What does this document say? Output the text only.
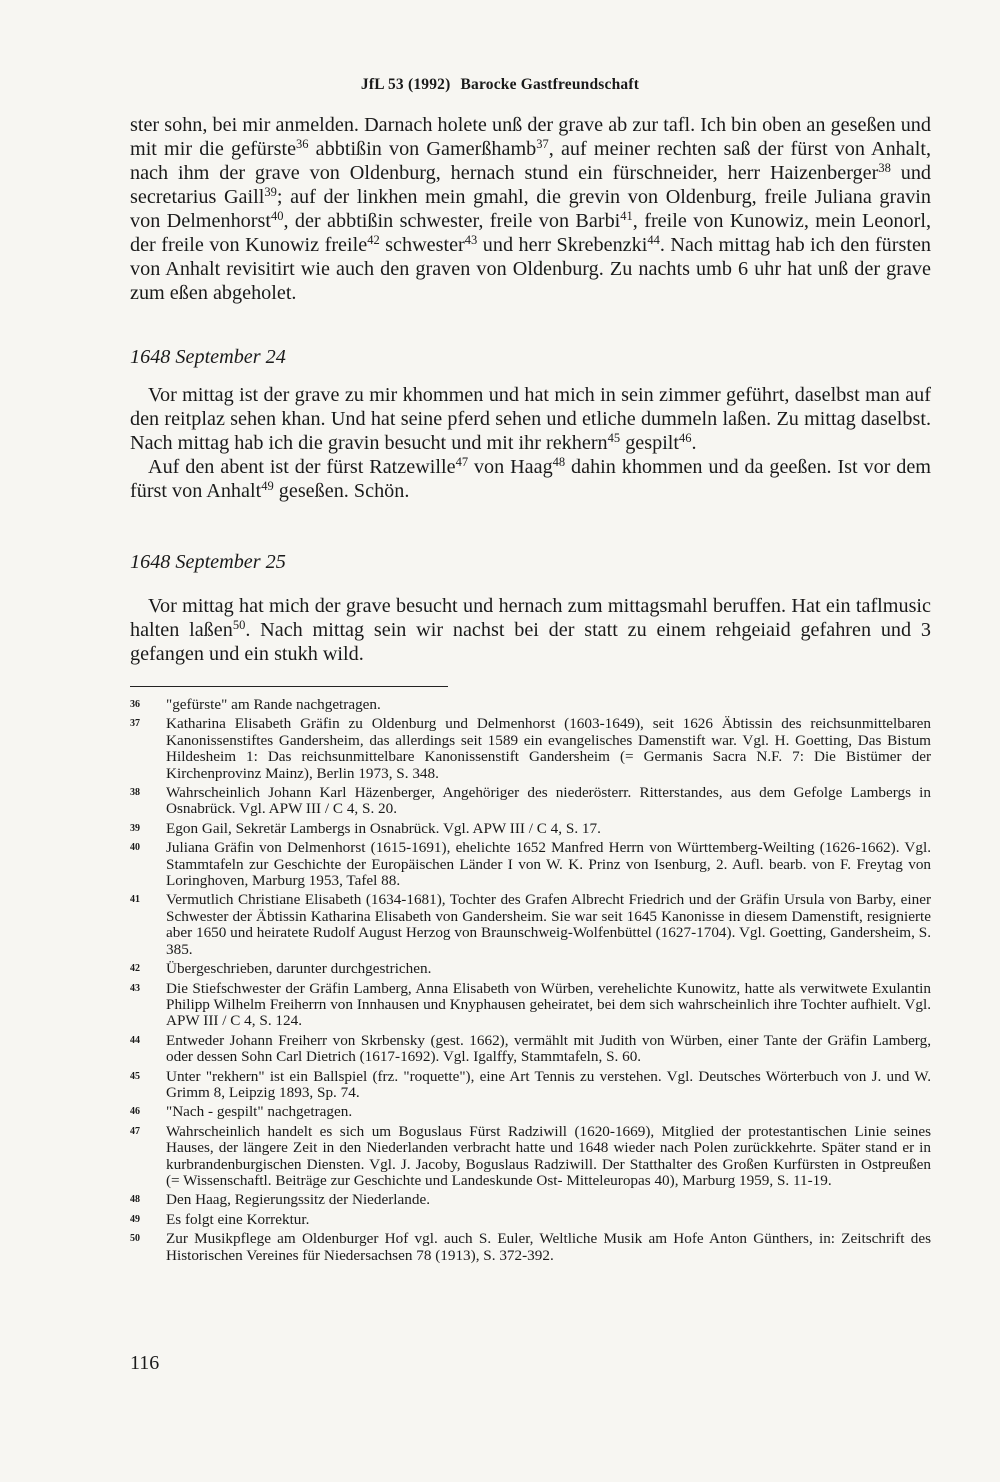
JfL 53 (1992) Barocke Gastfreundschaft

ster sohn, bei mir anmelden. Darnach holete unß der grave ab zur tafl. Ich bin oben an geseßen und mit mir die gefürste$^{36}$ abbtißin von Gamerßhamb$^{37}$, auf meiner rechten saß der fürst von Anhalt, nach ihm der grave von Oldenburg, hernach stund ein fürschneider, herr Haizenberger$^{38}$ und secretarius Gaill$^{39}$; auf der linkhen mein gmahl, die grevin von Oldenburg, freile Juliana gravin von Delmenhorst$^{40}$, der abbtißin schwester, freile von Barbi$^{41}$, freile von Kunowiz, mein Leonorl, der freile von Kunowiz freile$^{42}$ schwester$^{43}$ und herr Skrebenzki$^{44}$. Nach mittag hab ich den fürsten von Anhalt revisitirt wie auch den graven von Oldenburg. Zu nachts umb 6 uhr hat unß der grave zum eßen abgeholet.

1648 September 24

Vor mittag ist der grave zu mir khommen und hat mich in sein zimmer geführt, daselbst man auf den reitplaz sehen khan. Und hat seine pferd sehen und etliche dummeln laßen. Zu mittag daselbst. Nach mittag hab ich die gravin besucht und mit ihr rekhern$^{45}$ gespilt$^{46}$.

Auf den abent ist der fürst Ratzewille$^{47}$ von Haag$^{48}$ dahin khommen und da geeßen. Ist vor dem fürst von Anhalt$^{49}$ geseßen. Schön.

1648 September 25

Vor mittag hat mich der grave besucht und hernach zum mittagsmahl beruffen. Hat ein taflmusic halten laßen$^{50}$. Nach mittag sein wir nachst bei der statt zu einem rehgeiaid gefahren und 3 gefangen und ein stukh wild.

36	"gefürste" am Rande nachgetragen.
37	Katharina Elisabeth Gräfin zu Oldenburg und Delmenhorst (1603-1649), seit 1626 Äbtissin des reichsunmittelbaren Kanonissenstiftes Gandersheim, das allerdings seit 1589 ein evangelisches Damenstift war. Vgl. H. Goetting, Das Bistum Hildesheim 1: Das reichsunmittelbare Kanonissenstift Gandersheim (= Germanis Sacra N.F. 7: Die Bistümer der Kirchenprovinz Mainz), Berlin 1973, S. 348.
38	Wahrscheinlich Johann Karl Häzenberger, Angehöriger des niederösterr. Ritterstandes, aus dem Gefolge Lambergs in Osnabrück. Vgl. APW III / C 4, S. 20.
39	Egon Gail, Sekretär Lambergs in Osnabrück. Vgl. APW III / C 4, S. 17.
40	Juliana Gräfin von Delmenhorst (1615-1691), ehelichte 1652 Manfred Herrn von Württemberg-Weilting (1626-1662). Vgl. Stammtafeln zur Geschichte der Europäischen Länder I von W. K. Prinz von Isenburg, 2. Aufl. bearb. von F. Freytag von Loringhoven, Marburg 1953, Tafel 88.
41	Vermutlich Christiane Elisabeth (1634-1681), Tochter des Grafen Albrecht Friedrich und der Gräfin Ursula von Barby, einer Schwester der Äbtissin Katharina Elisabeth von Gandersheim. Sie war seit 1645 Kanonisse in diesem Damenstift, resignierte aber 1650 und heiratete Rudolf August Herzog von Braunschweig-Wolfenbüttel (1627-1704). Vgl. Goetting, Gandersheim, S. 385.
42	Übergeschrieben, darunter durchgestrichen.
43	Die Stiefschwester der Gräfin Lamberg, Anna Elisabeth von Würben, verehelichte Kunowitz, hatte als verwitwete Exulantin Philipp Wilhelm Freiherrn von Innhausen und Knyphausen geheiratet, bei dem sich wahrscheinlich ihre Tochter aufhielt. Vgl. APW III / C 4, S. 124.
44	Entweder Johann Freiherr von Skrbensky (gest. 1662), vermählt mit Judith von Würben, einer Tante der Gräfin Lamberg, oder dessen Sohn Carl Dietrich (1617-1692). Vgl. Igalffy, Stammtafeln, S. 60.
45	Unter "rekhern" ist ein Ballspiel (frz. "roquette"), eine Art Tennis zu verstehen. Vgl. Deutsches Wörterbuch von J. und W. Grimm 8, Leipzig 1893, Sp. 74.
46	"Nach - gespilt" nachgetragen.
47	Wahrscheinlich handelt es sich um Boguslaus Fürst Radziwill (1620-1669), Mitglied der protestantischen Linie seines Hauses, der längere Zeit in den Niederlanden verbracht hatte und 1648 wieder nach Polen zurückkehrte. Später stand er in kurbrandenburgischen Diensten. Vgl. J. Jacoby, Boguslaus Radziwill. Der Statthalter des Großen Kurfürsten in Ostpreußen (= Wissenschaftl. Beiträge zur Geschichte und Landeskunde Ost- Mitteleuropas 40), Marburg 1959, S. 11-19.
48	Den Haag, Regierungssitz der Niederlande.
49	Es folgt eine Korrektur.
50	Zur Musikpflege am Oldenburger Hof vgl. auch S. Euler, Weltliche Musik am Hofe Anton Günthers, in: Zeitschrift des Historischen Vereines für Niedersachsen 78 (1913), S. 372-392.
116
